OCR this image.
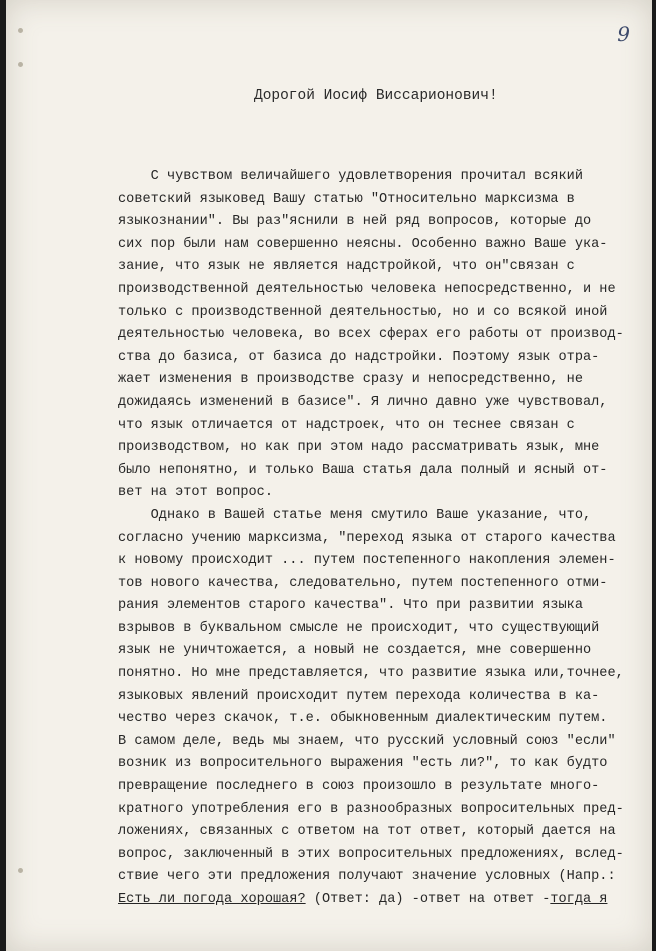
9
Дорогой Иосиф Виссарионович!
С чувством величайшего удовлетворения прочитал всякий
советский языковед Вашу статью "Относительно марксизма в
языкознании". Вы раз"яснили в ней ряд вопросов, которые до
сих пор были нам совершенно неясны. Особенно важно Ваше ука-
зание, что язык не является надстройкой, что он"связан с
производственной деятельностью человека непосредственно, и не
только с производственной деятельностью, но и со всякой иной
деятельностью человека, во всех сферах его работы от производ-
ства до базиса, от базиса до надстройки. Поэтому язык отра-
жает изменения в производстве сразу и непосредственно, не
дожидаясь изменений в базисе". Я лично давно уже чувствовал,
что язык отличается от надстроек, что он теснее связан с
производством, но как при этом надо рассматривать язык, мне
было непонятно, и только Ваша статья дала полный и ясный от-
вет на этот вопрос.
Однако в Вашей статье меня смутило Ваше указание, что,
согласно учению марксизма, "переход языка от старого качества
к новому происходит ... путем постепенного накопления элемен-
тов нового качества, следовательно, путем постепенного отми-
рания элементов старого качества". Что при развитии языка
взрывов в буквальном смысле не происходит, что существующий
язык не уничтожается, а новый не создается, мне совершенно
понятно. Но мне представляется, что развитие языка или,точнее,
языковых явлений происходит путем перехода количества в ка-
чество через скачок, т.е. обыкновенным диалектическим путем.
В самом деле, ведь мы знаем, что русский условный союз "если"
возник из вопросительного выражения "есть ли?", то как будто
превращение последнего в союз произошло в результате много-
кратного употребления его в разнообразных вопросительных пред-
ложениях, связанных с ответом на тот ответ, который дается на
вопрос, заключенный в этих вопросительных предложениях, вслед-
ствие чего эти предложения получают значение условных (Напр.:
Есть ли погода хорошая? (Ответ: да) -ответ на ответ -тогда я
